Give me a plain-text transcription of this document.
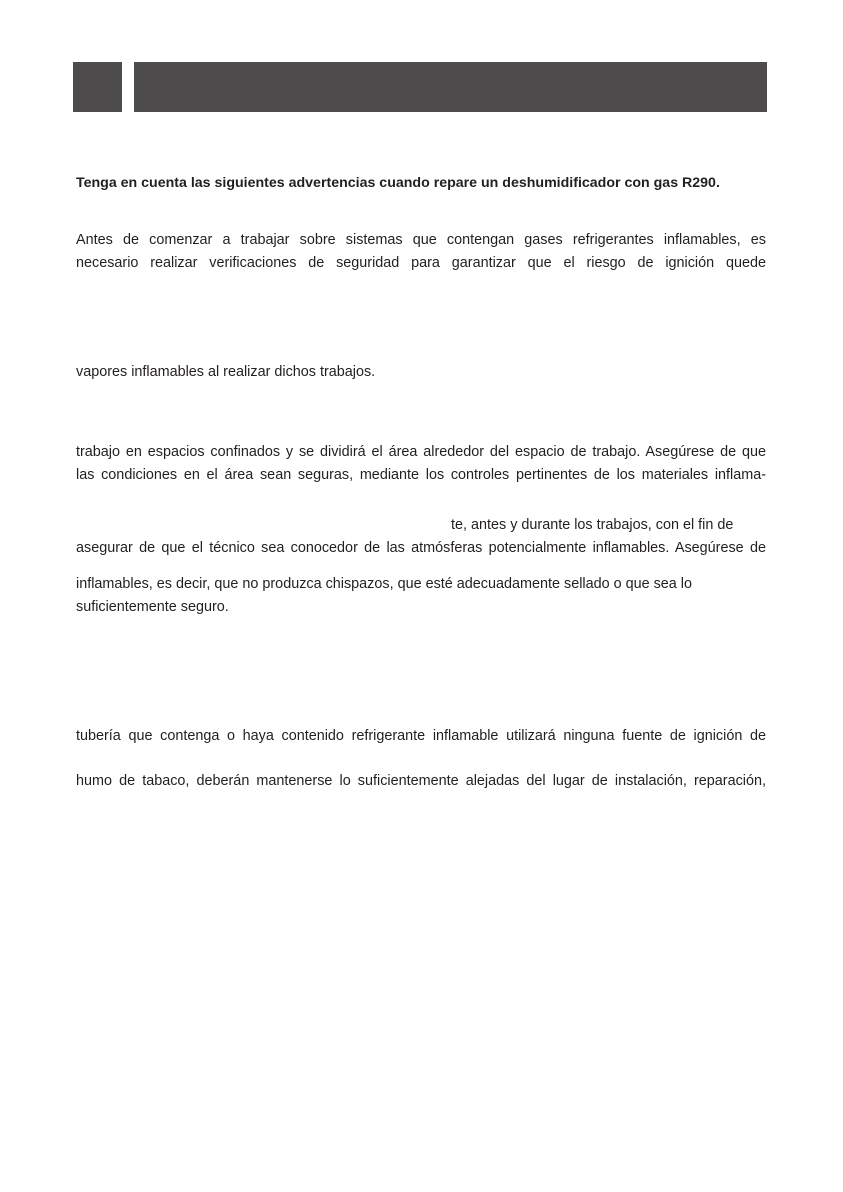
Tenga en cuenta las siguientes advertencias cuando repare un deshumidificador con gas R290.

Antes de comenzar a trabajar sobre sistemas que contengan gases refrigerantes inflamables, es

necesario realizar verificaciones de seguridad para garantizar que el riesgo de ignición quede

vapores inflamables al realizar dichos trabajos.

trabajo en espacios confinados y se dividirá el área alrededor del espacio de trabajo. Asegúrese de que

las condiciones en el área sean seguras, mediante los controles pertinentes de los materiales inflama-

te, antes y durante los trabajos, con el fin de

asegurar de que el técnico sea conocedor de las atmósferas potencialmente inflamables. Asegúrese de

inflamables, es decir, que no produzca chispazos, que esté adecuadamente sellado o que sea lo

suficientemente seguro.

tubería que contenga o haya contenido refrigerante inflamable utilizará ninguna fuente de ignición de

humo de tabaco, deberán mantenerse lo suficientemente alejadas del lugar de instalación, reparación,
